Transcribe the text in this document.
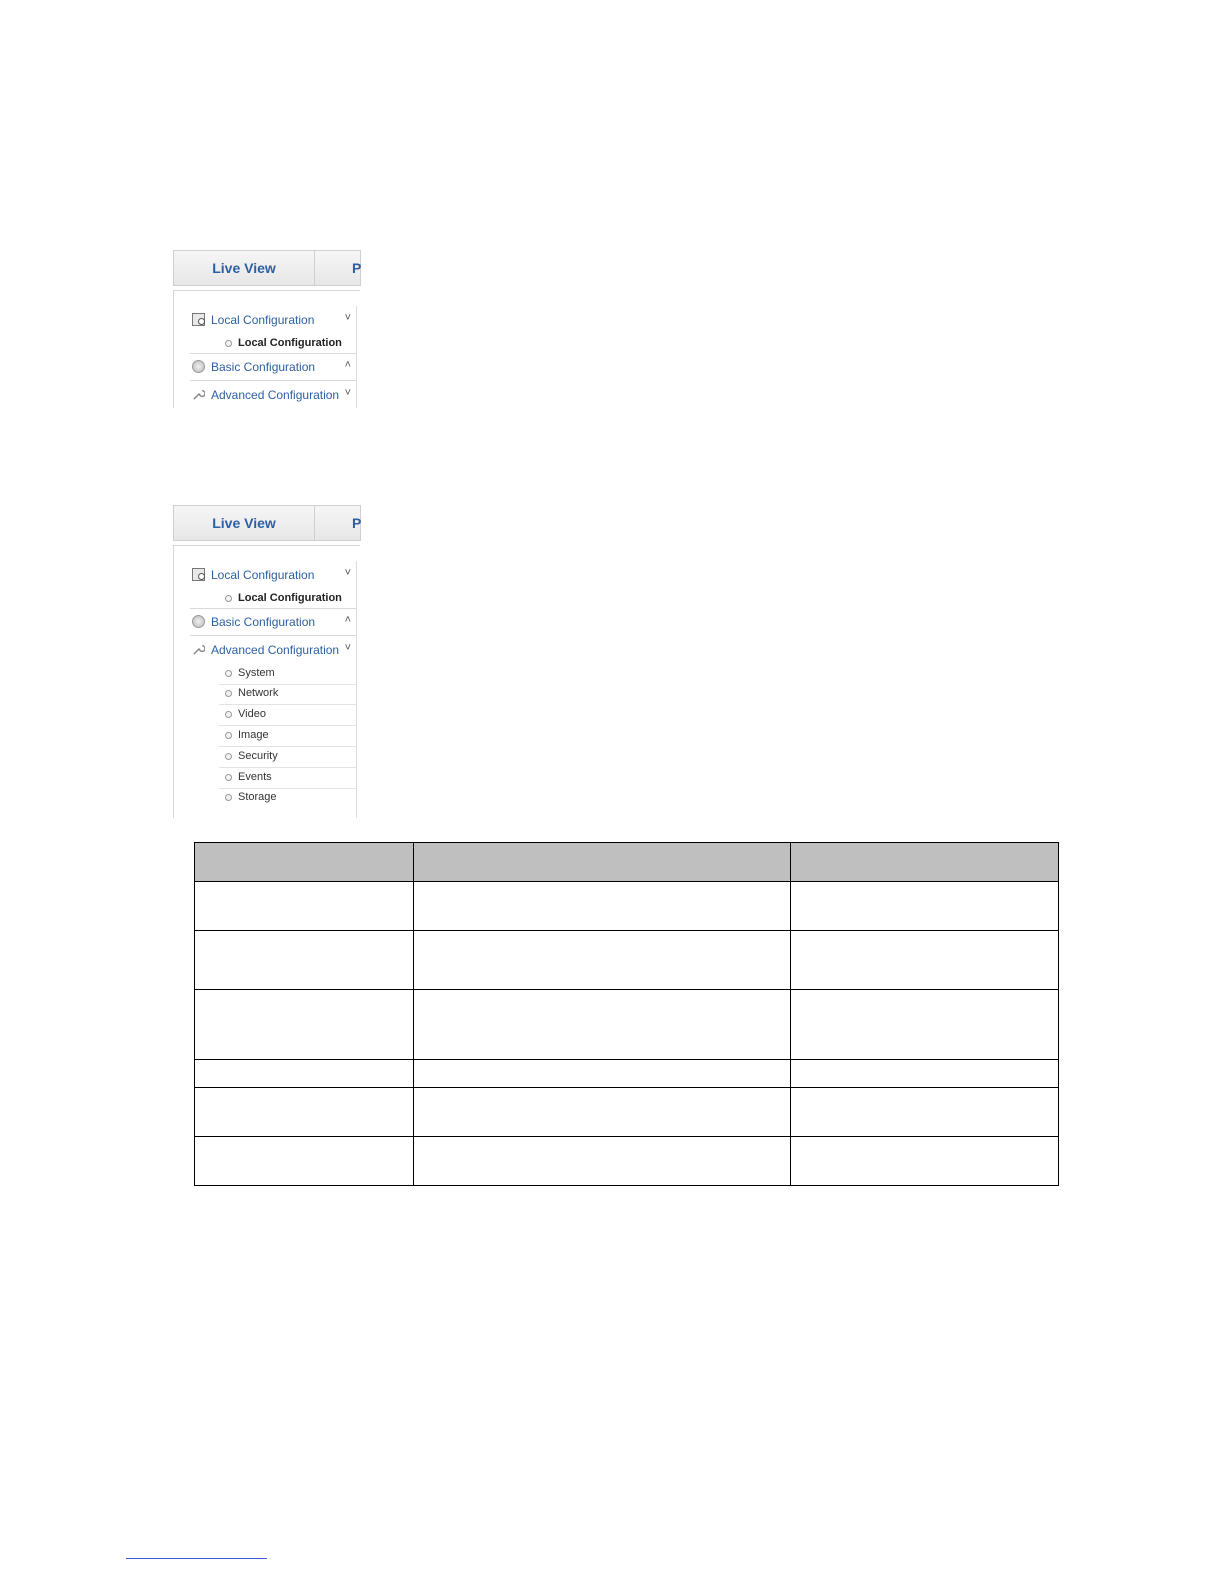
Live View	P
Local Configuration	˅
Local Configuration
Basic Configuration	˄
Advanced Configuration ˅
Live View	P
Local Configuration	˅
Local Configuration
Basic Configuration	˄
Advanced Configuration ˅
System
Network
Video
Image
Security
Events
Storage
